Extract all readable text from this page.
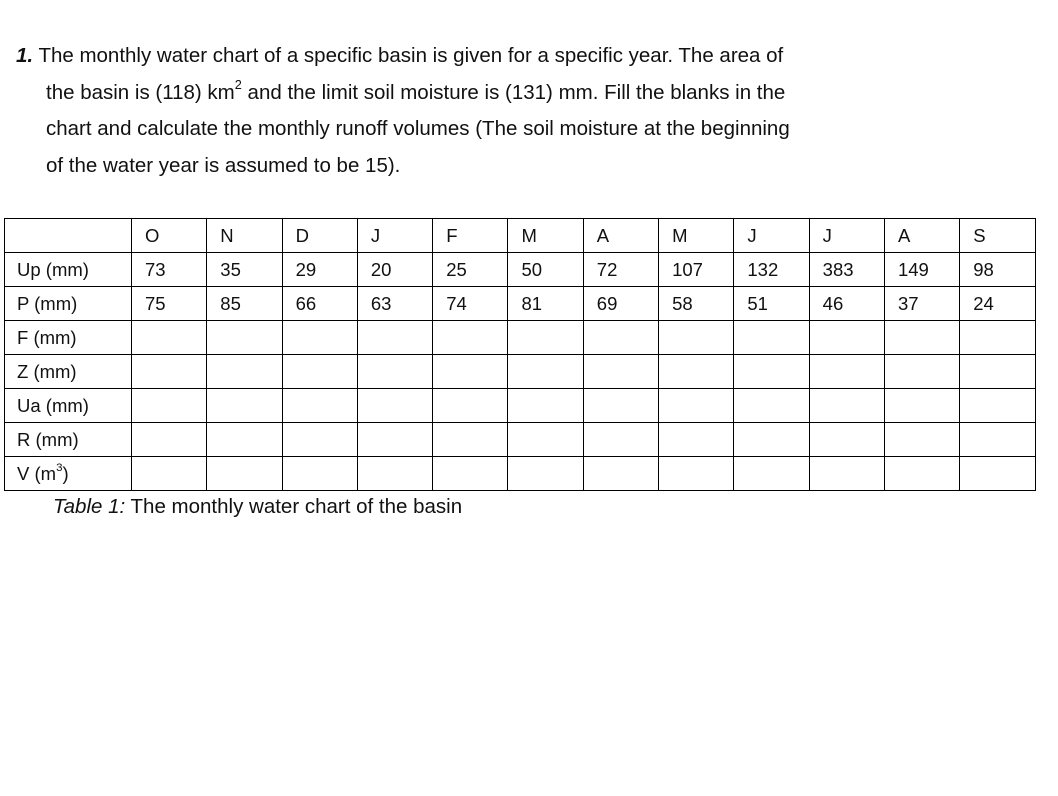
1. The monthly water chart of a specific basin is given for a specific year. The area of
the basin is (118) $km^2$ and the limit soil moisture is (131) mm. Fill the blanks in the
chart and calculate the monthly runoff volumes (The soil moisture at the beginning
of the water year is assumed to be 15).
	O	N	D	J	F	M	A	M	J	J	A	S
Up (mm)	73	35	29	20	25	50	72	107	132	383	149	98
P (mm)	75	85	66	63	74	81	69	58	51	46	37	24
F (mm)												
Z (mm)												
Ua (mm)												
R (mm)												
V $(m^3)$												
Table 1: The monthly water chart of the basin
